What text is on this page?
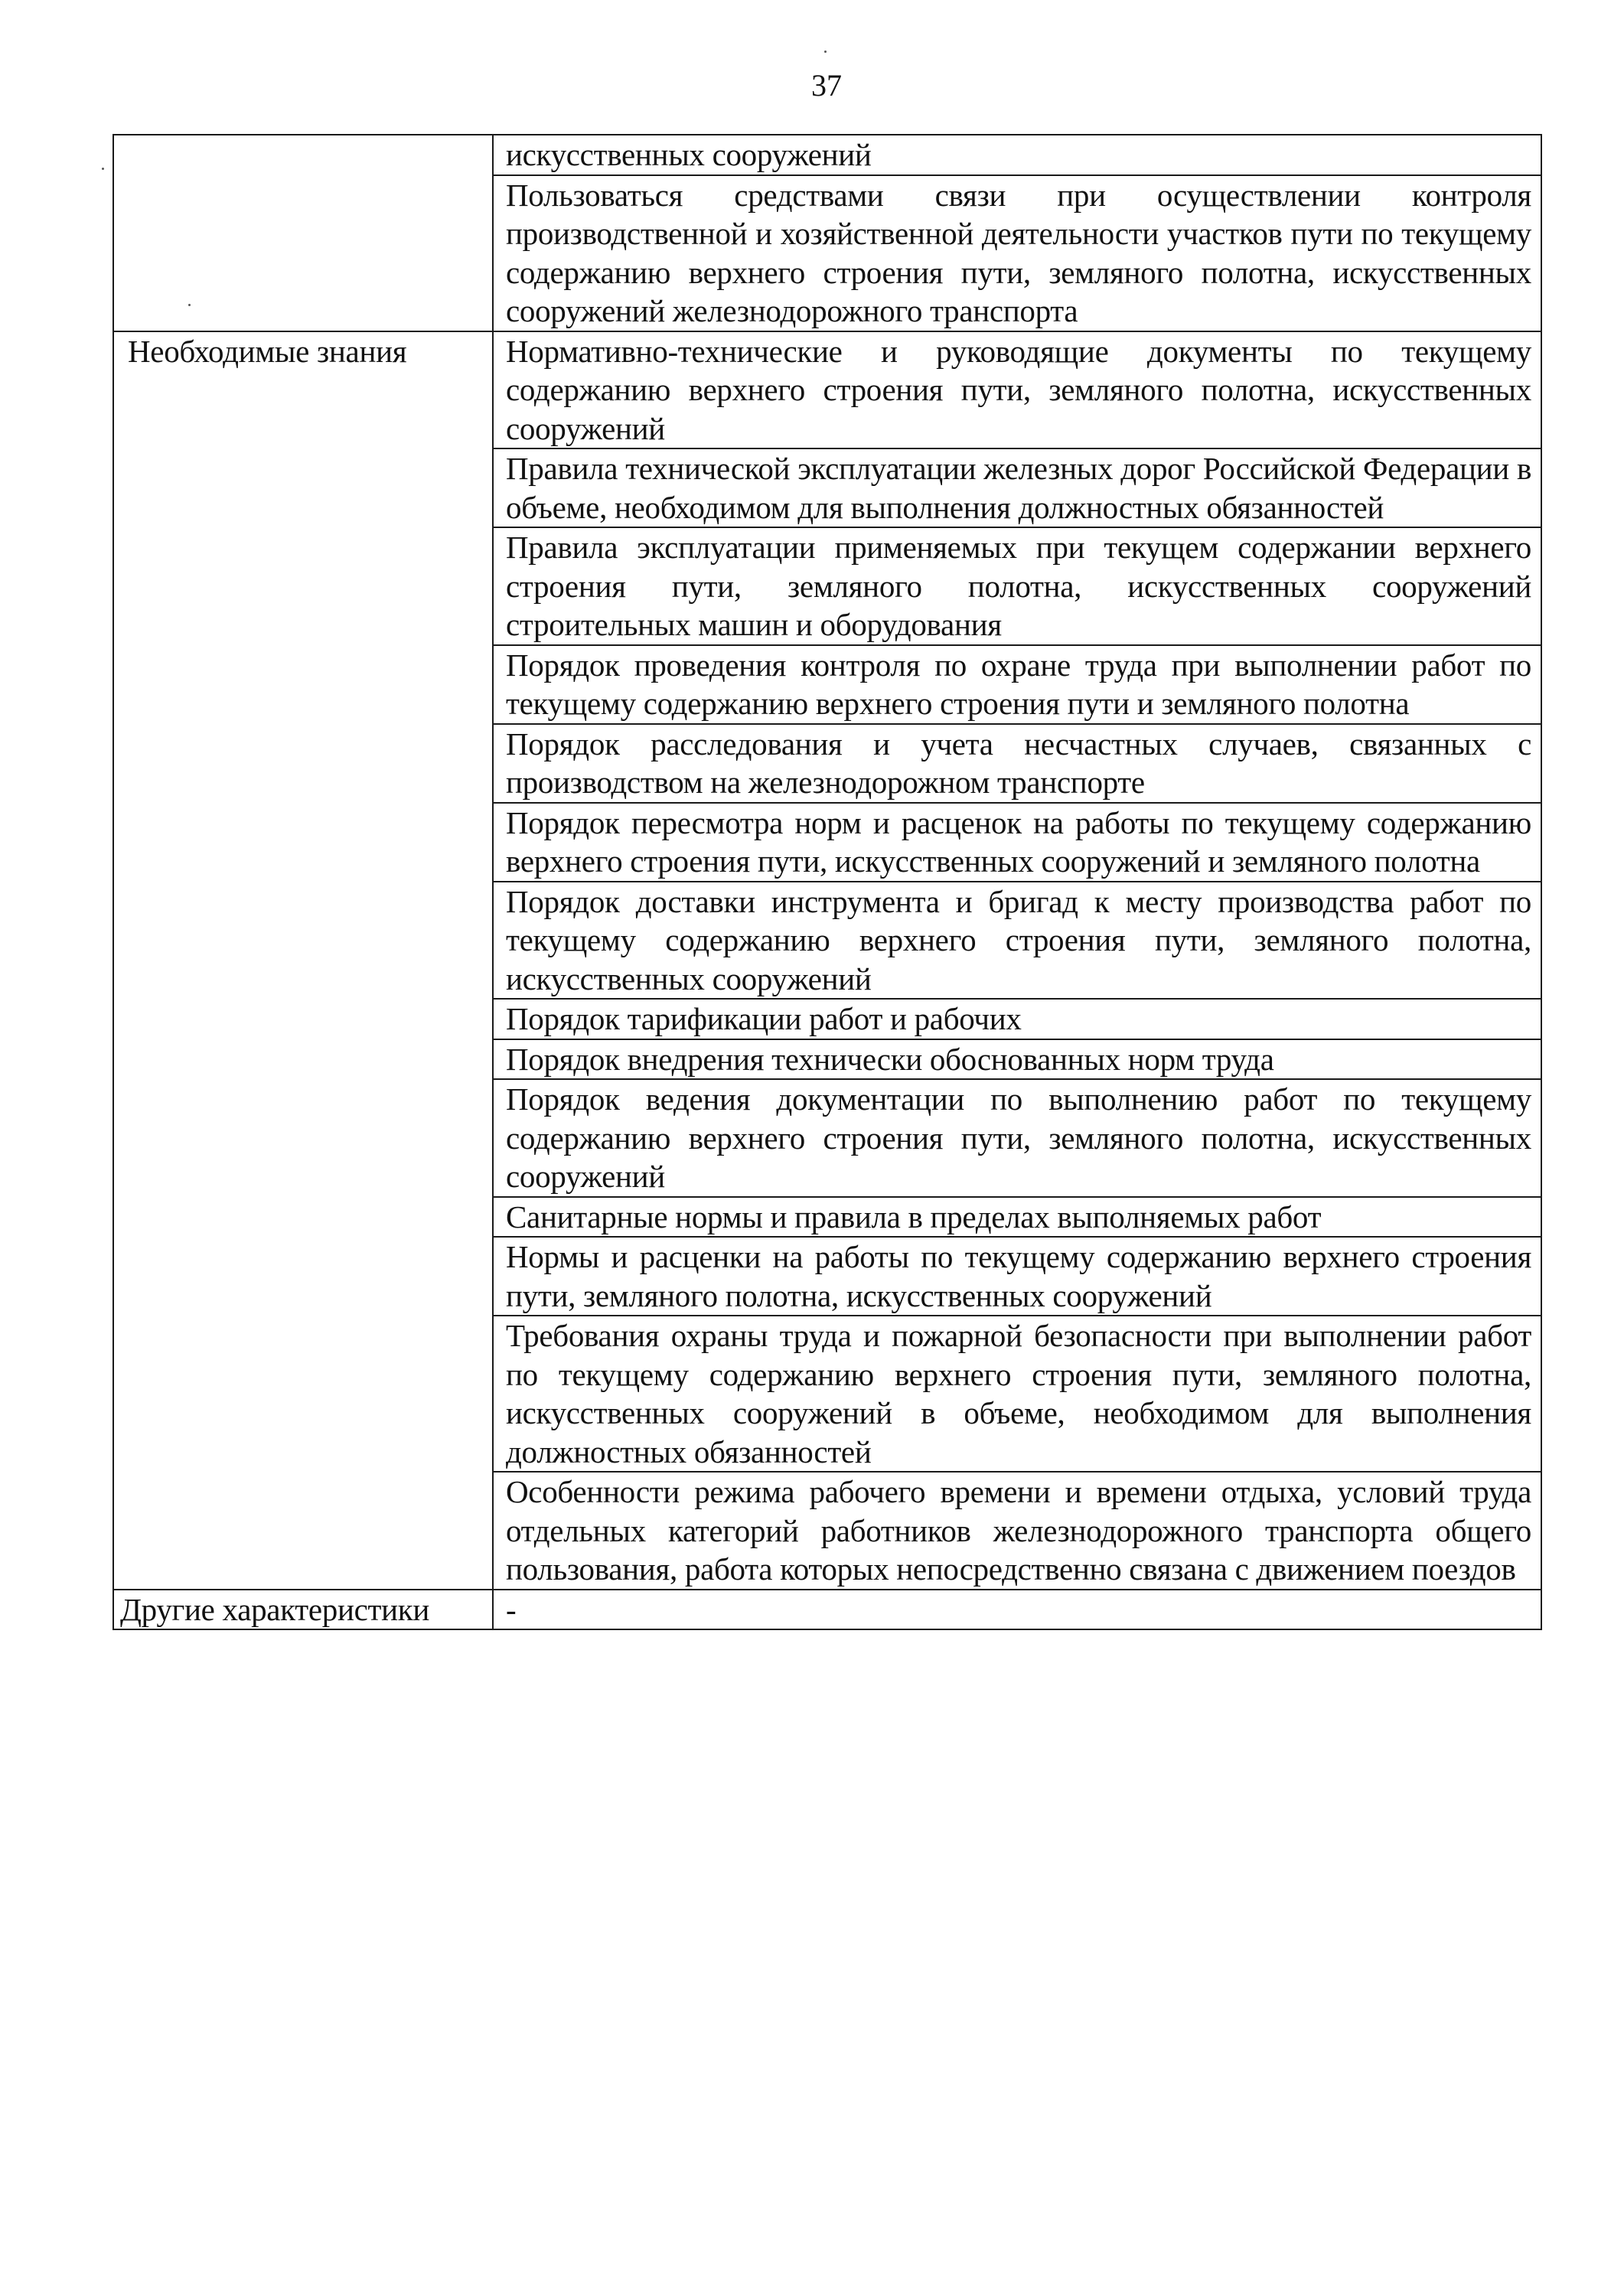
37
	искусственных сооружений
	Пользоваться средствами связи при осуществлении контроля производственной и хозяйственной деятельности участков пути по текущему содержанию верхнего строения пути, земляного полотна, искусственных сооружений железнодорожного транспорта
Необходимые знания	Нормативно-технические и руководящие документы по текущему содержанию верхнего строения пути, земляного полотна, искусственных сооружений
	Правила технической эксплуатации железных дорог Российской Федерации в объеме, необходимом для выполнения должностных обязанностей
	Правила эксплуатации применяемых при текущем содержании верхнего строения пути, земляного полотна, искусственных сооружений строительных машин и оборудования
	Порядок проведения контроля по охране труда при выполнении работ по текущему содержанию верхнего строения пути и земляного полотна
	Порядок расследования и учета несчастных случаев, связанных с производством на железнодорожном транспорте
	Порядок пересмотра норм и расценок на работы по текущему содержанию верхнего строения пути, искусственных сооружений и земляного полотна
	Порядок доставки инструмента и бригад к месту производства работ по текущему содержанию верхнего строения пути, земляного полотна, искусственных сооружений
	Порядок тарификации работ и рабочих
	Порядок внедрения технически обоснованных норм труда
	Порядок ведения документации по выполнению работ по текущему содержанию верхнего строения пути, земляного полотна, искусственных сооружений
	Санитарные нормы и правила в пределах выполняемых работ
	Нормы и расценки на работы по текущему содержанию верхнего строения пути, земляного полотна, искусственных сооружений
	Требования охраны труда и пожарной безопасности при выполнении работ по текущему содержанию верхнего строения пути, земляного полотна, искусственных сооружений в объеме, необходимом для выполнения должностных обязанностей
	Особенности режима рабочего времени и времени отдыха, условий труда отдельных категорий работников железнодорожного транспорта общего пользования, работа которых непосредственно связана с движением поездов
Другие характеристики	-
